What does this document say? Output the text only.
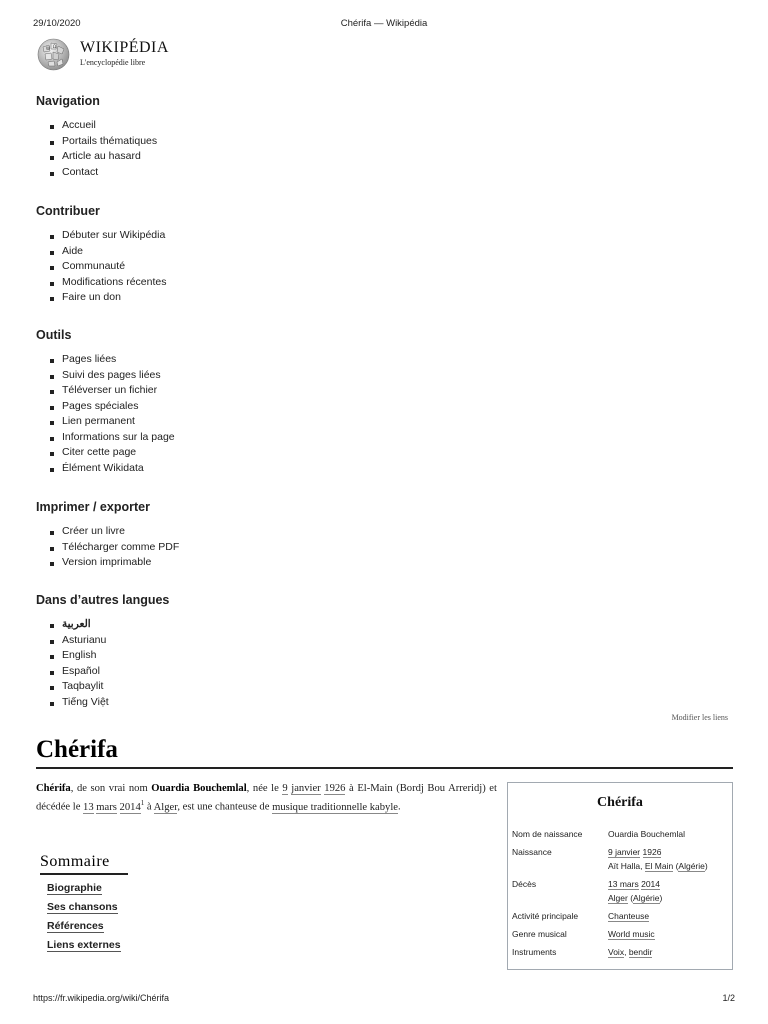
29/10/2020	Chérifa — Wikipédia
W Ω WIKIPÉDIA
L'encyclopédie libre
Navigation
Accueil
Portails thématiques
Article au hasard
Contact
Contribuer
Débuter sur Wikipédia
Aide
Communauté
Modifications récentes
Faire un don
Outils
Pages liées
Suivi des pages liées
Téléverser un fichier
Pages spéciales
Lien permanent
Informations sur la page
Citer cette page
Élément Wikidata
Imprimer / exporter
Créer un livre
Télécharger comme PDF
Version imprimable
Dans d’autres langues
العربية
Asturianu
English
Español
Taqbaylit
Tiếng Việt
Modifier les liens
Chérifa

Chérifa, de son vrai nom Ouardia Bouchemlal, née le 9 janvier 1926 à El-Main (Bordj Bou Arreridj) et décédée le 13 mars 2014$^1$ à Alger, est une chanteuse de musique traditionnelle kabyle.

Sommaire
Biographie
Ses chansons
Références
Liens externes
Chérifa
Nom de naissance	Ouardia Bouchemlal
Naissance	9 janvier 1926
Aït Halla, El Main (Algérie)
Décès	13 mars 2014
Alger (Algérie)
Activité principale	Chanteuse
Genre musical	World music
Instruments	Voix, bendir
https://fr.wikipedia.org/wiki/Chérifa	1/2
